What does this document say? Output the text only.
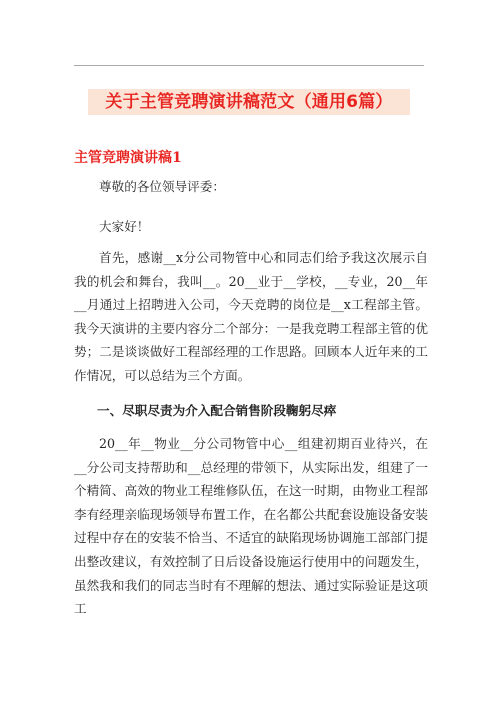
关于主管竞聘演讲稿范文（通用6篇）
主管竞聘演讲稿1
尊敬的各位领导评委：
大家好！
首先，感谢__x分公司物管中心和同志们给予我这次展示自我的机会和舞台，我叫__。20__业于__学校，__专业，20__年__月通过上招聘进入公司，今天竞聘的岗位是__x工程部主管。我今天演讲的主要内容分二个部分：一是我竞聘工程部主管的优势；二是谈谈做好工程部经理的工作思路。回顾本人近年来的工作情况，可以总结为三个方面。
一、尽职尽责为介入配合销售阶段鞠躬尽瘁
20__年__物业__分公司物管中心__组建初期百业待兴，在__分公司支持帮助和__总经理的带领下，从实际出发，组建了一个精简、高效的物业工程维修队伍，在这一时期，由物业工程部李有经理亲临现场领导布置工作，在名都公共配套设施设备安装过程中存在的安装不恰当、不适宜的缺陷现场协调施工部部门提出整改建议，有效控制了日后设备设施运行使用中的问题发生，虽然我和我们的同志当时有不理解的想法、通过实际验证是这项工
